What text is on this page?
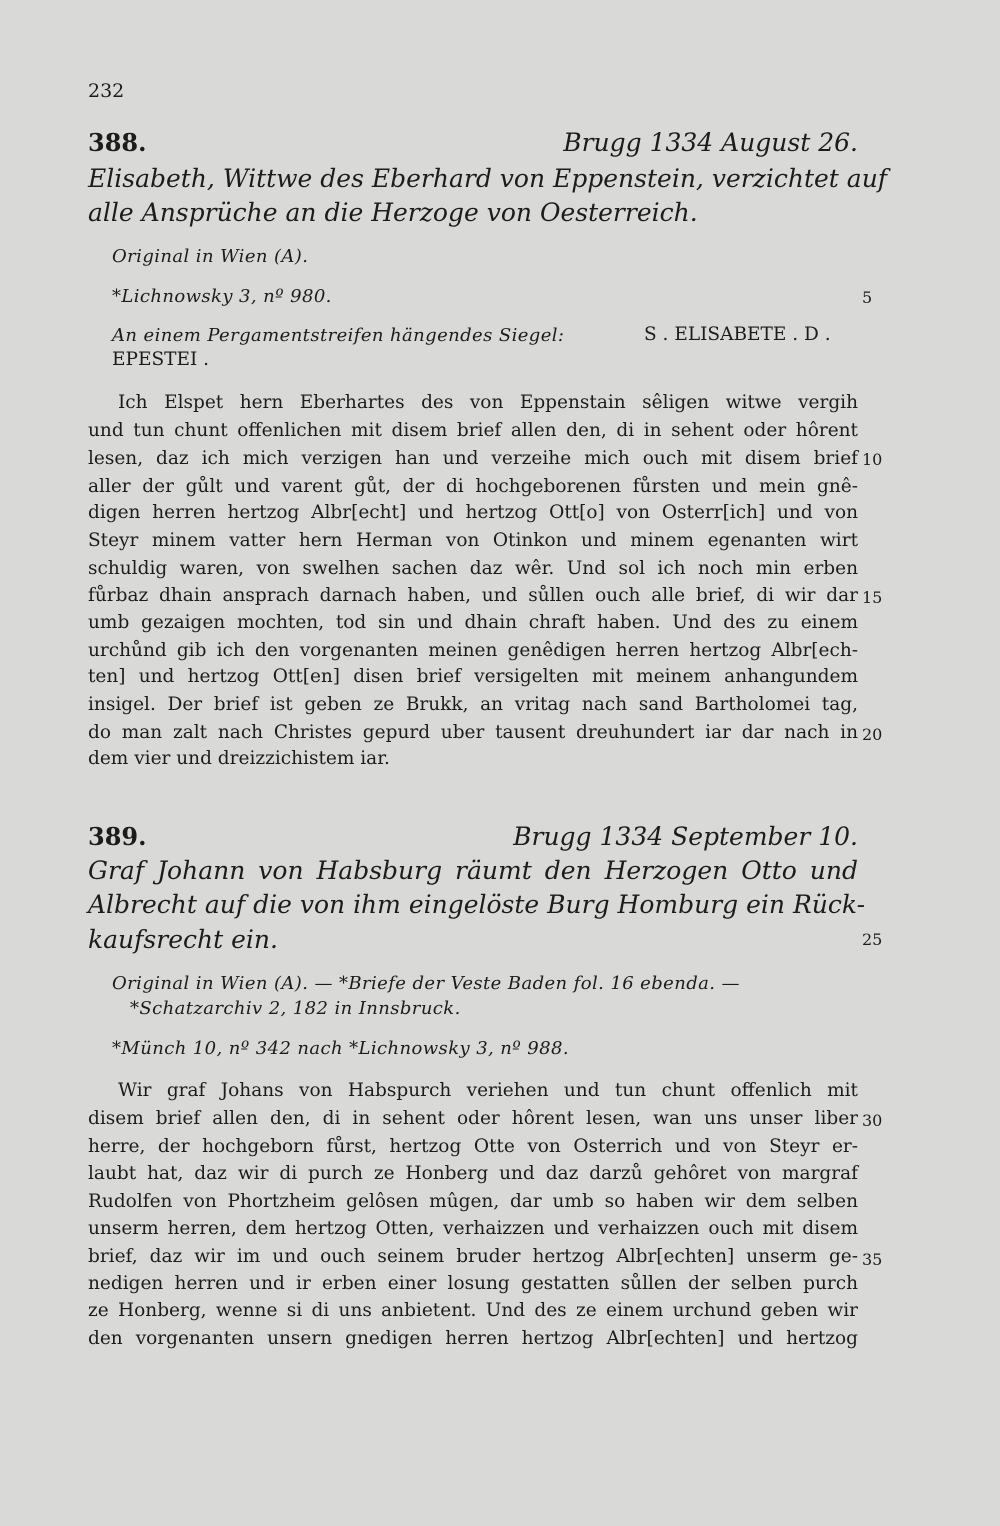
232
388.	Brugg 1334 August 26.
Elisabeth, Wittwe des Eberhard von Eppenstein, verzichtet auf
alle Ansprüche an die Herzoge von Oesterreich.
Original in Wien (A).
*Lichnowsky 3, nº 980.
An einem Pergamentstreifen hängendes Siegel:	S . ELISABETE . D .
EPESTEI .
Ich Elspet hern Eberhartes des von Eppenstain sêligen witwe vergih
und tun chunt offenlichen mit disem brief allen den, di in sehent oder hôrent
lesen, daz ich mich verzigen han und verzeihe mich ouch mit disem brief
aller der gůlt und varent gůt, der di hochgeborenen fůrsten und mein gnê-
digen herren hertzog Albr[echt] und hertzog Ott[o] von Osterr[ich] und von
Steyr minem vatter hern Herman von Otinkon und minem egenanten wirt
schuldig waren, von swelhen sachen daz wêr. Und sol ich noch min erben
fůrbaz dhain ansprach darnach haben, und sůllen ouch alle brief, di wir dar
umb gezaigen mochten, tod sin und dhain chraft haben. Und des zu einem
urchůnd gib ich den vorgenanten meinen genêdigen herren hertzog Albr[ech-
ten] und hertzog Ott[en] disen brief versigelten mit meinem anhangundem
insigel. Der brief ist geben ze Brukk, an vritag nach sand Bartholomei tag,
do man zalt nach Christes gepurd uber tausent dreuhundert iar dar nach in
dem vier und dreizzichistem iar.
389.	Brugg 1334 September 10.
Graf Johann von Habsburg räumt den Herzogen Otto und
Albrecht auf die von ihm eingelöste Burg Homburg ein Rück-
kaufsrecht ein.
Original in Wien (A). — *Briefe der Veste Baden fol. 16 ebenda. —
*Schatzarchiv 2, 182 in Innsbruck.
*Münch 10, nº 342 nach *Lichnowsky 3, nº 988.
Wir graf Johans von Habspurch veriehen und tun chunt offenlich mit
disem brief allen den, di in sehent oder hôrent lesen, wan uns unser liber
herre, der hochgeborn fůrst, hertzog Otte von Osterrich und von Steyr er-
laubt hat, daz wir di purch ze Honberg und daz darzů gehôret von margraf
Rudolfen von Phortzheim gelôsen mûgen, dar umb so haben wir dem selben
unserm herren, dem hertzog Otten, verhaizzen und verhaizzen ouch mit disem
brief, daz wir im und ouch seinem bruder hertzog Albr[echten] unserm ge-
nedigen herren und ir erben einer losung gestatten sůllen der selben purch
ze Honberg, wenne si di uns anbietent. Und des ze einem urchund geben wir
den vorgenanten unsern gnedigen herren hertzog Albr[echten] und hertzog
5
10
15
20
25
30
35
